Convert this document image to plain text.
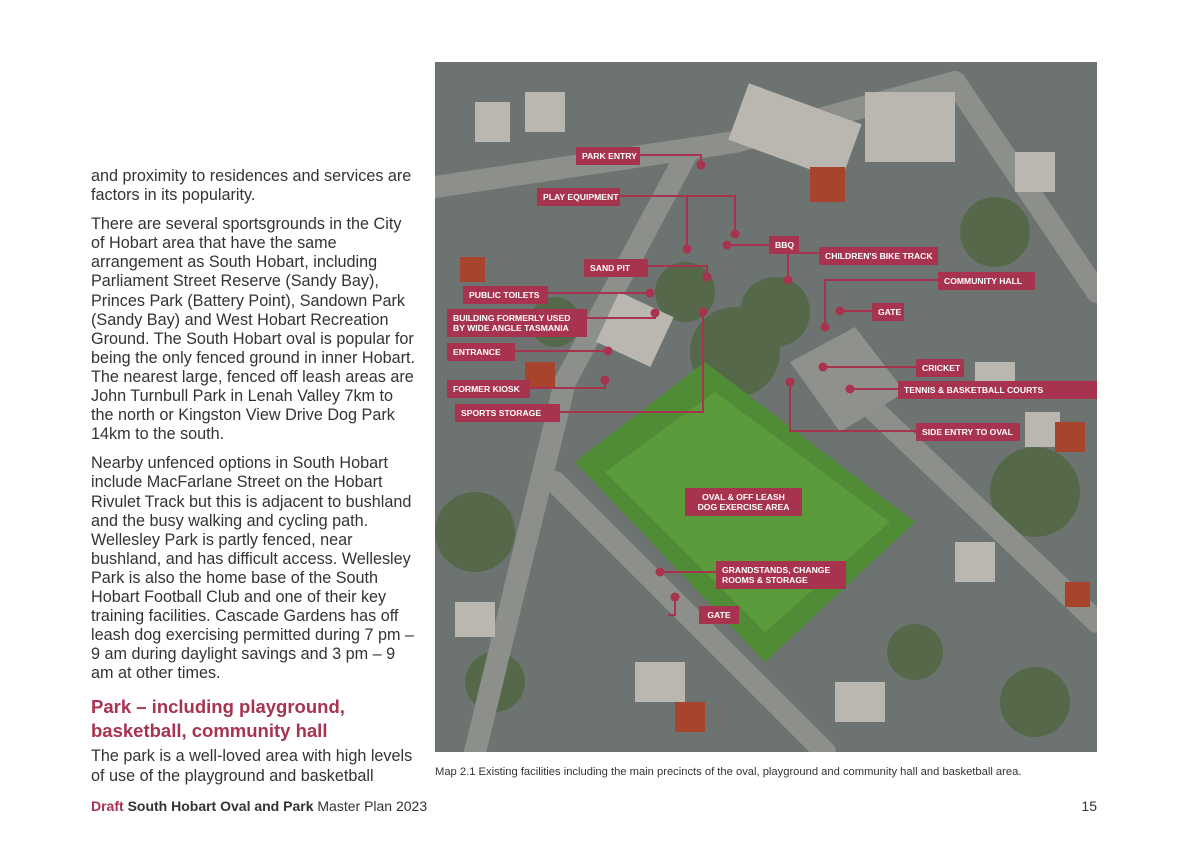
and proximity to residences and services are factors in its popularity.

There are several sportsgrounds in the City of Hobart area that have the same arrangement as South Hobart, including Parliament Street Reserve (Sandy Bay), Princes Park (Battery Point), Sandown Park (Sandy Bay) and West Hobart Recreation Ground. The South Hobart oval is popular for being the only fenced ground in inner Hobart. The nearest large, fenced off leash areas are John Turnbull Park in Lenah Valley 7km to the north or Kingston View Drive Dog Park 14km to the south.

Nearby unfenced options in South Hobart include MacFarlane Street on the Hobart Rivulet Track but this is adjacent to bushland and the busy walking and cycling path. Wellesley Park is partly fenced, near bushland, and has difficult access. Wellesley Park is also the home base of the South Hobart Football Club and one of their key training facilities. Cascade Gardens has off leash dog exercising permitted during 7 pm – 9 am during daylight savings and 3 pm – 9 am at other times.

Park – including playground, basketball, community hall

The park is a well-loved area with high levels of use of the playground and basketball

PARK ENTRY
PLAY EQUIPMENT
BBQ
CHILDREN'S BIKE TRACK
SAND PIT
COMMUNITY HALL
PUBLIC TOILETS
GATE
BUILDING FORMERLY USED
BY WIDE ANGLE TASMANIA
ENTRANCE
CRICKET
FORMER KIOSK	TENNIS & BASKETBALL COURTS
SPORTS STORAGE
SIDE ENTRY TO OVAL
OVAL & OFF LEASH
DOG EXERCISE AREA
GRANDSTANDS, CHANGE
ROOMS & STORAGE
GATE
Map 2.1 Existing facilities including the main precincts of the oval, playground and community hall and basketball area.
Draft South Hobart Oval and Park Master Plan 2023	15
